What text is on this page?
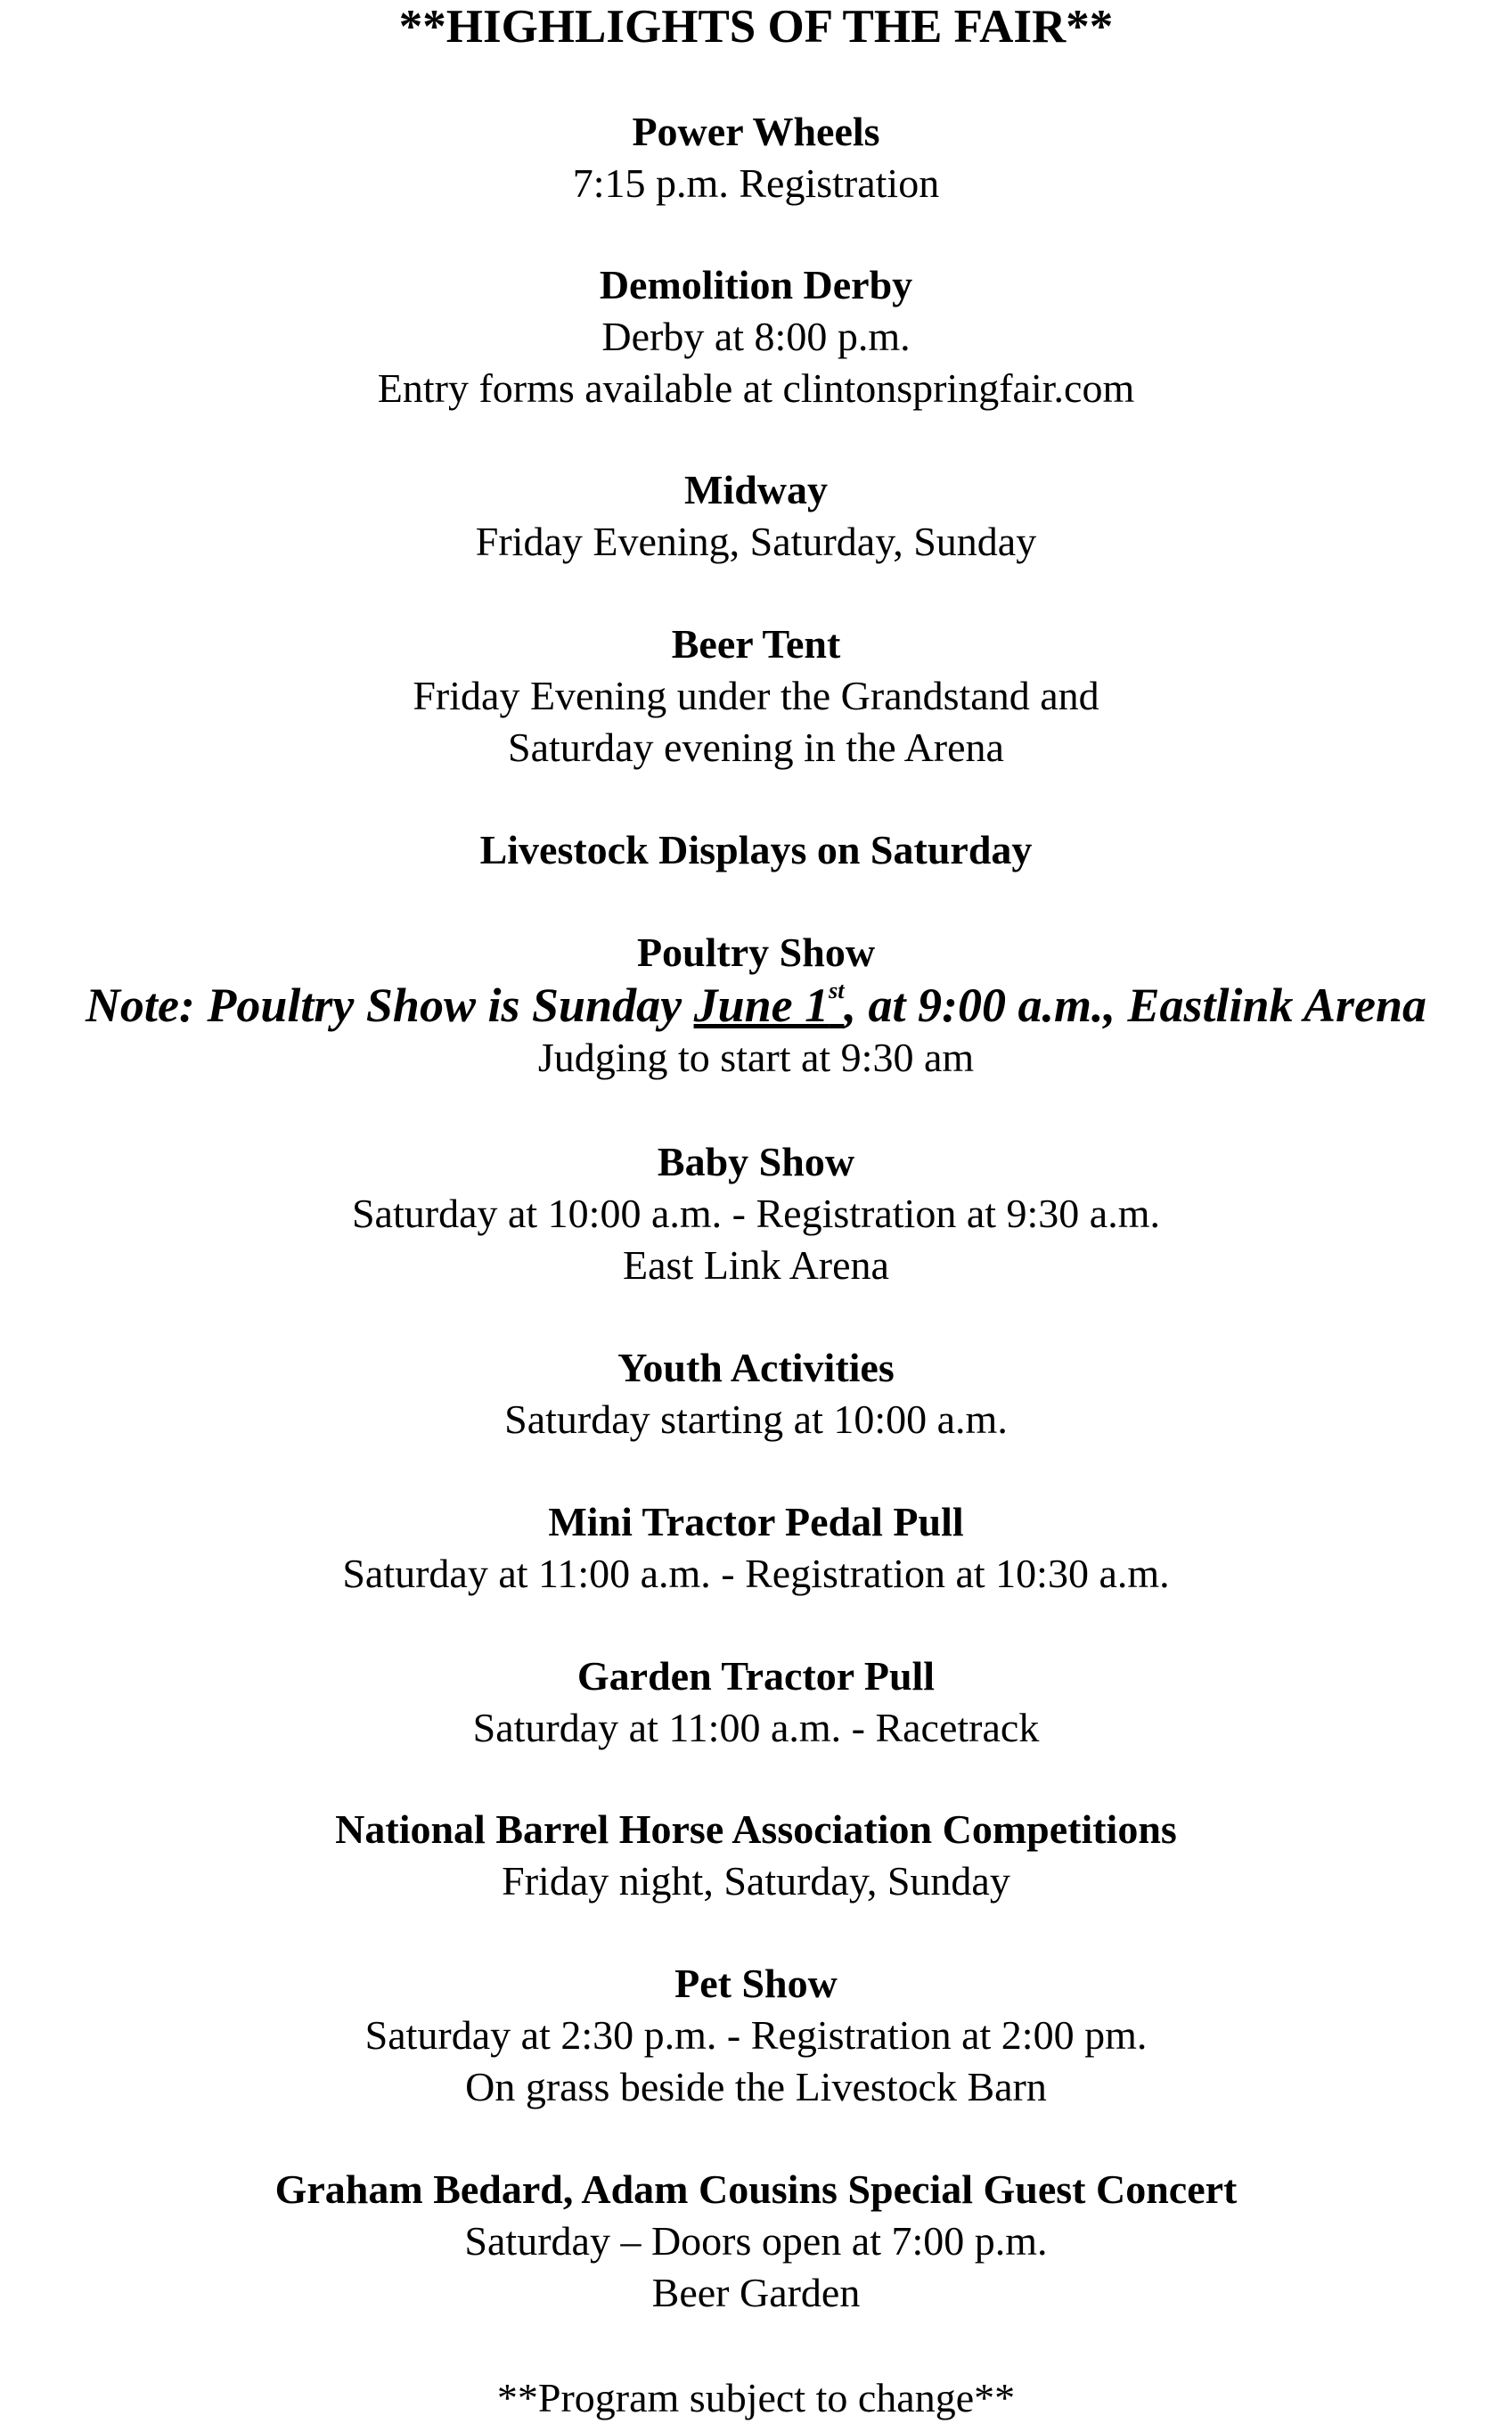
**HIGHLIGHTS OF THE FAIR**
Power Wheels
7:15 p.m. Registration
Demolition Derby
Derby at 8:00 p.m.
Entry forms available at clintonspringfair.com
Midway
Friday Evening, Saturday, Sunday
Beer Tent
Friday Evening under the Grandstand and
Saturday evening in the Arena
Livestock Displays on Saturday
Poultry Show
Note: Poultry Show is Sunday June 1st, at 9:00 a.m., Eastlink Arena
Judging to start at 9:30 am
Baby Show
Saturday at 10:00 a.m. - Registration at 9:30 a.m.
East Link Arena
Youth Activities
Saturday starting at 10:00 a.m.
Mini Tractor Pedal Pull
Saturday at 11:00 a.m. - Registration at 10:30 a.m.
Garden Tractor Pull
Saturday at 11:00 a.m. - Racetrack
National Barrel Horse Association Competitions
Friday night, Saturday, Sunday
Pet Show
Saturday at 2:30 p.m. - Registration at 2:00 pm.
On grass beside the Livestock Barn
Graham Bedard, Adam Cousins Special Guest Concert
Saturday – Doors open at 7:00 p.m.
Beer Garden
**Program subject to change**
